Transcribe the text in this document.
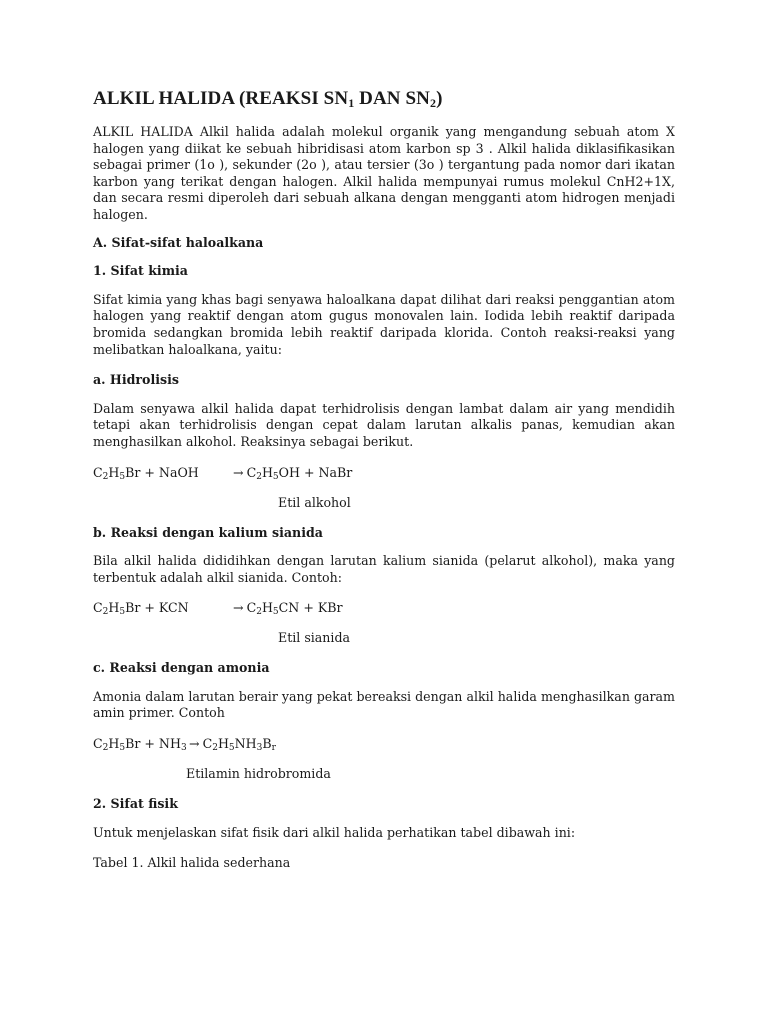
ALKIL HALIDA (REAKSI $SN_1$ DAN $SN_2$)

ALKIL HALIDA Alkil halida adalah molekul organik yang mengandung sebuah atom X halogen yang diikat ke sebuah hibridisasi atom karbon sp 3 . Alkil halida diklasifikasikan sebagai primer (1o ), sekunder (2o ), atau tersier (3o ) tergantung pada nomor dari ikatan karbon yang terikat dengan halogen. Alkil halida mempunyai rumus molekul CnH2+1X, dan secara resmi diperoleh dari sebuah alkana dengan mengganti atom hidrogen menjadi halogen.

A. Sifat-sifat haloalkana
1. Sifat kimia

Sifat kimia yang khas bagi senyawa haloalkana dapat dilihat dari reaksi penggantian atom halogen yang reaktif dengan atom gugus monovalen lain. Iodida lebih reaktif daripada bromida sedangkan bromida lebih reaktif daripada klorida. Contoh reaksi-reaksi yang melibatkan haloalkana, yaitu:

a. Hidrolisis

Dalam senyawa alkil halida dapat terhidrolisis dengan lambat dalam air yang mendidih tetapi akan terhidrolisis dengan cepat dalam larutan alkalis panas, kemudian akan menghasilkan alkohol. Reaksinya sebagai berikut.

$C_2H_5Br$ + NaOH	→ $C_2H_5OH$ + NaBr
Etil alkohol
b. Reaksi dengan kalium sianida

Bila alkil halida dididihkan dengan larutan kalium sianida (pelarut alkohol), maka yang terbentuk adalah alkil sianida. Contoh:

$C_2H_5Br$ + KCN	→ $C_2H_5CN$ + KBr
Etil sianida
c. Reaksi dengan amonia

Amonia dalam larutan berair yang pekat bereaksi dengan alkil halida menghasilkan garam amin primer. Contoh

$C_2H_5Br + NH_3 \to C_2H_5NH_3B_r$
Etilamin hidrobromida
2. Sifat fisik

Untuk menjelaskan sifat fisik dari alkil halida perhatikan tabel dibawah ini:

Tabel 1. Alkil halida sederhana
